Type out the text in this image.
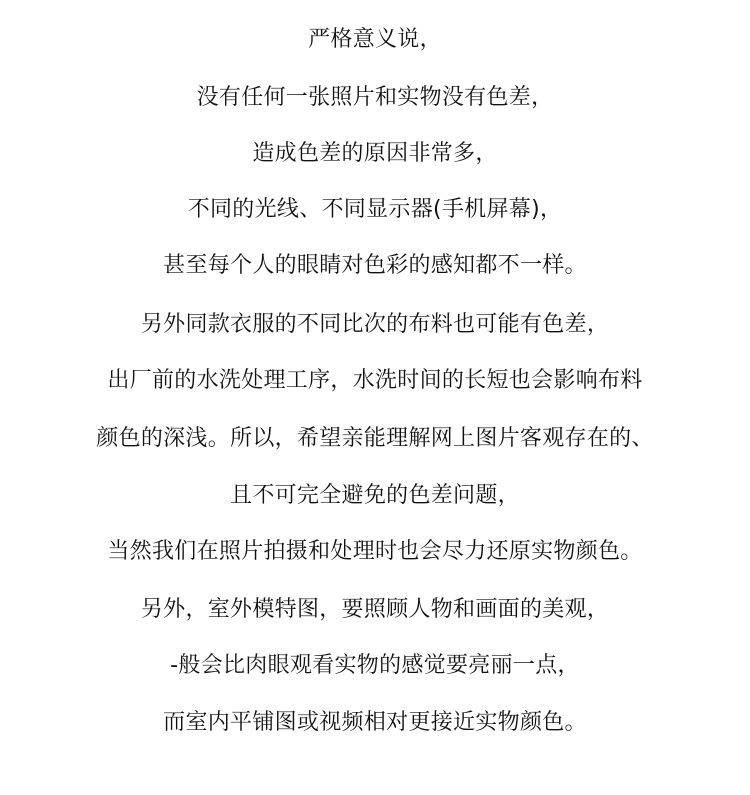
严格意义说，
没有任何一张照片和实物没有色差，
造成色差的原因非常多，
不同的光线、不同显示器(手机屏幕)，
甚至每个人的眼睛对色彩的感知都不一样。
另外同款衣服的不同比次的布料也可能有色差，
出厂前的水洗处理工序，水洗时间的长短也会影响布料
颜色的深浅。所以，希望亲能理解网上图片客观存在的、
且不可完全避免的色差问题，
当然我们在照片拍摄和处理时也会尽力还原实物颜色。
另外，室外模特图，要照顾人物和画面的美观，
-般会比肉眼观看实物的感觉要亮丽一点，
而室内平铺图或视频相对更接近实物颜色。
